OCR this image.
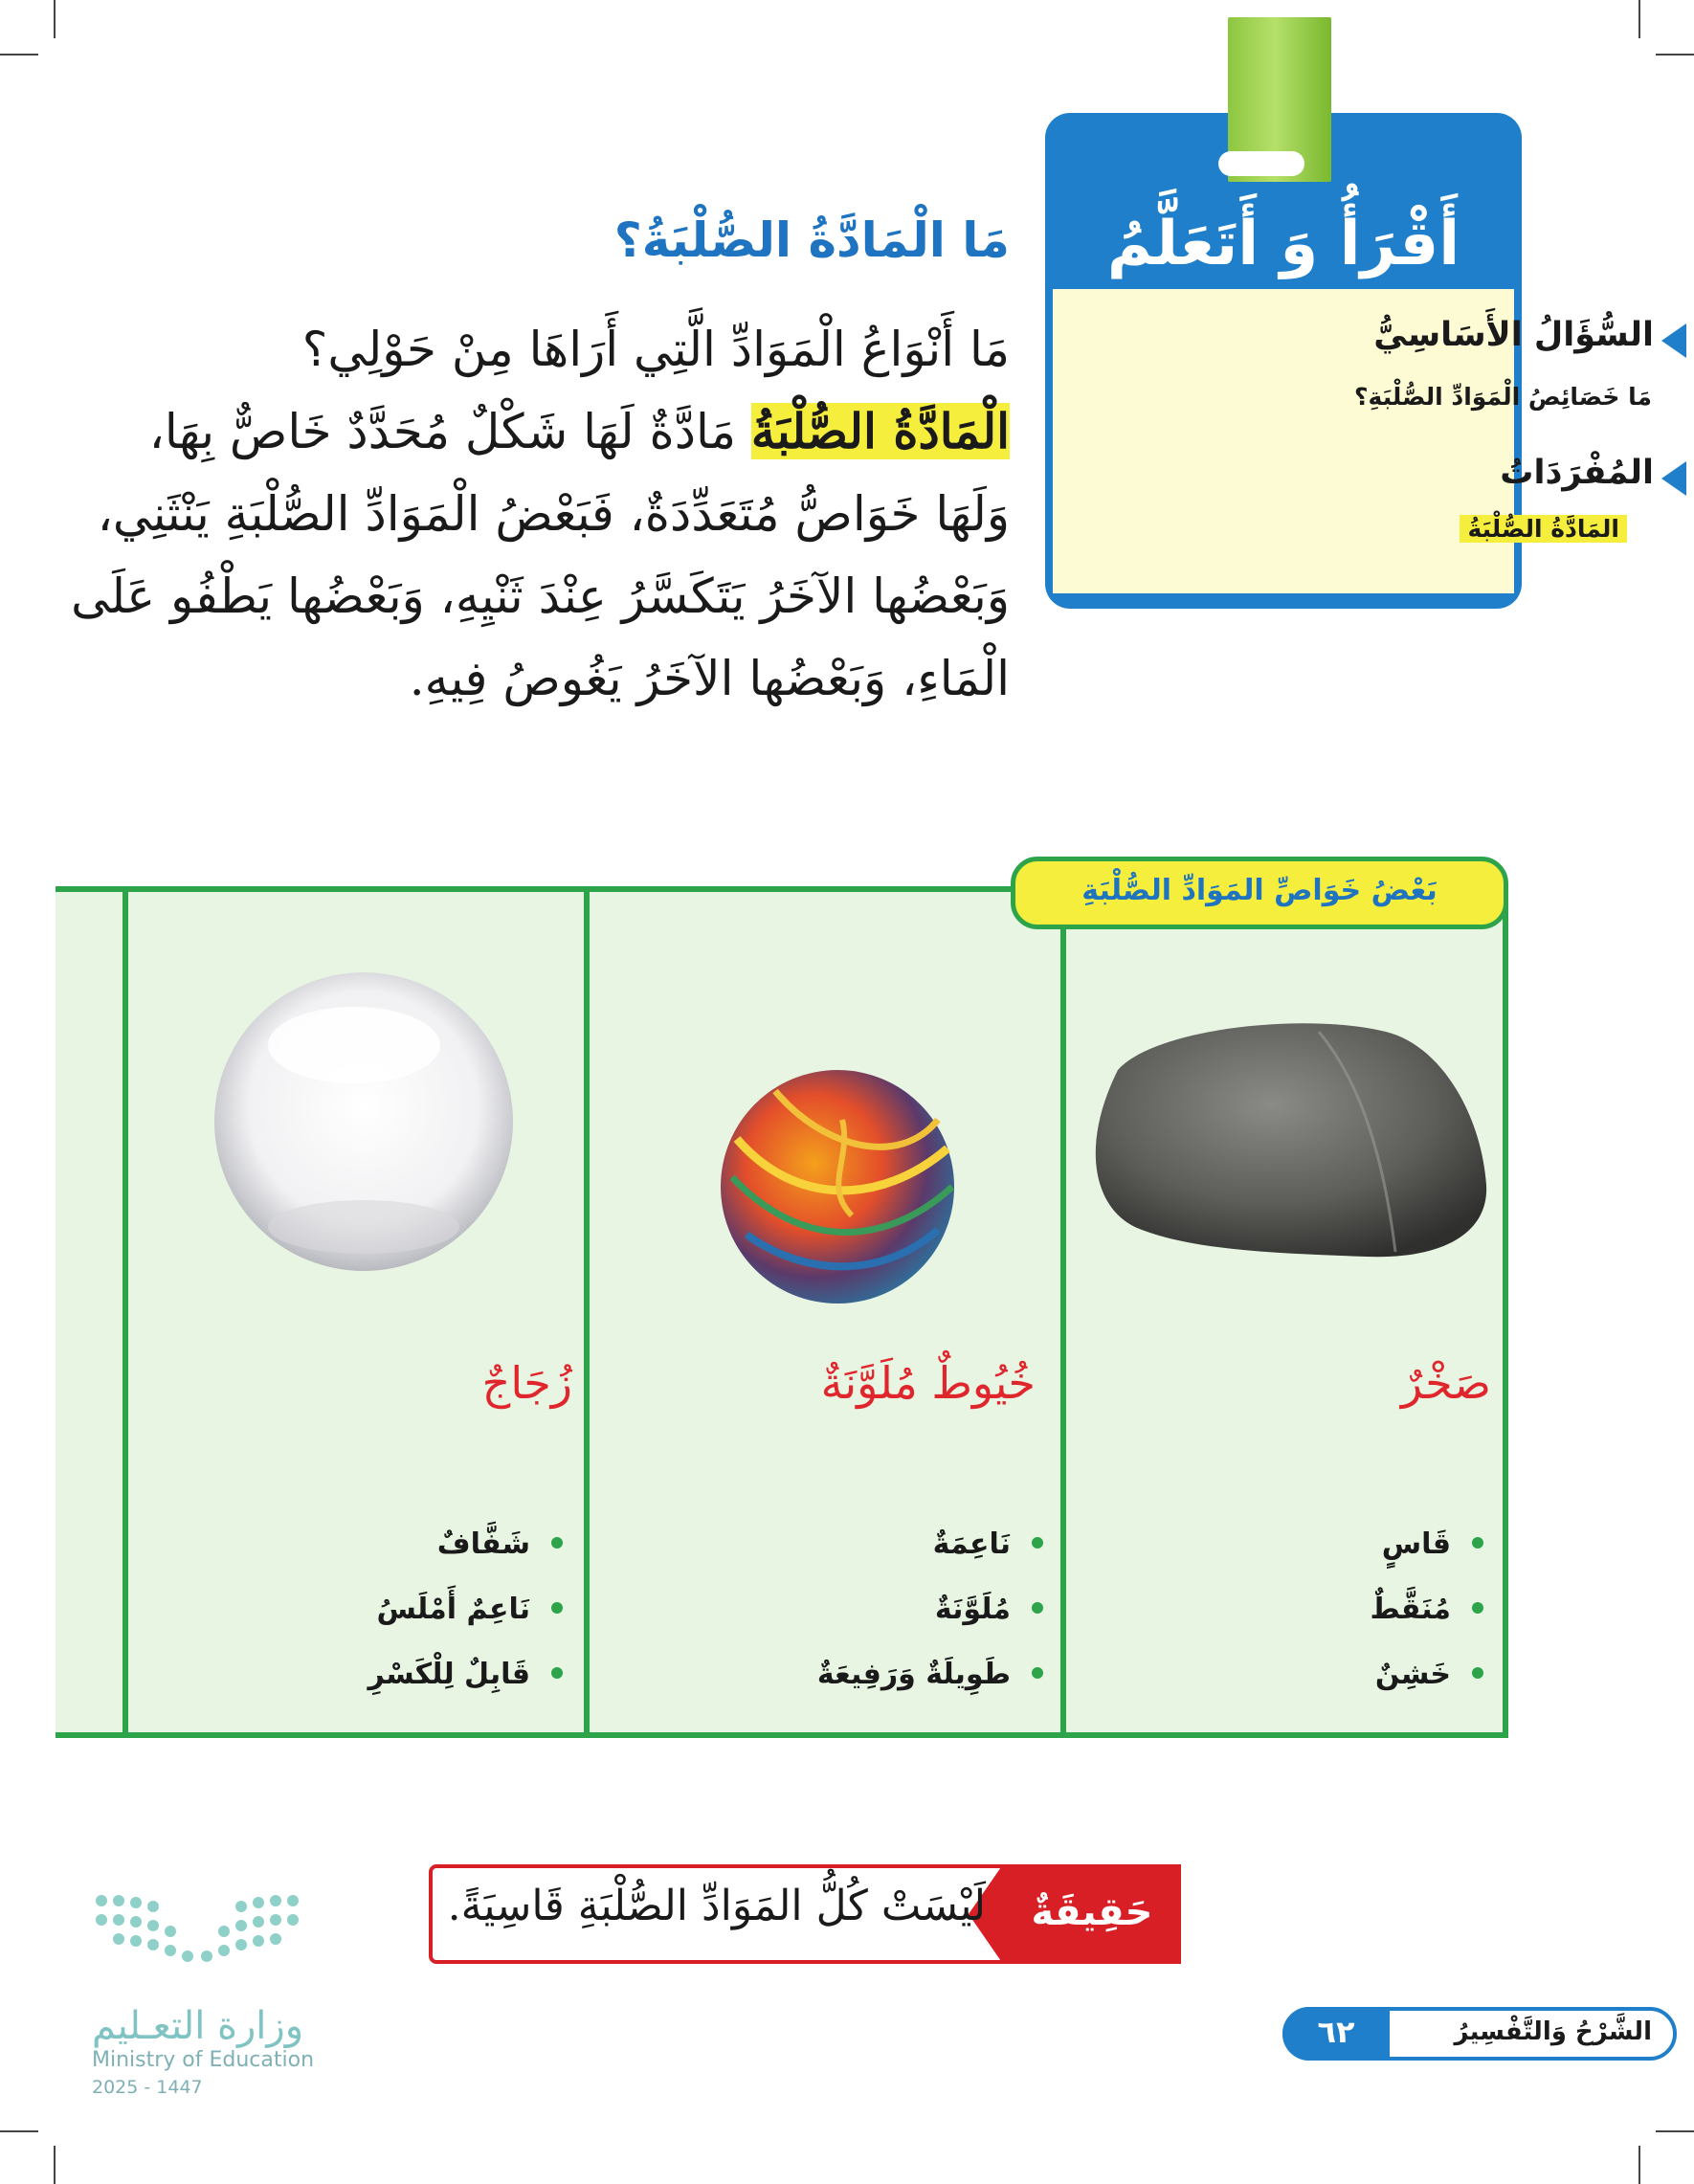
أَقْرَأُ وَ أَتَعَلَّمُ
السُّؤَالُ الأَسَاسِيُّ
مَا خَصَائِصُ الْمَوَادِّ الصُّلْبَةِ؟
المُفْرَدَاتُ
المَادَّةُ الصُّلْبَةُ
مَا الْمَادَّةُ الصُّلْبَةُ؟

مَا أَنْوَاعُ الْمَوَادِّ الَّتِي أَرَاهَا مِنْ حَوْلِي؟

الْمَادَّةُ الصُّلْبَةُ مَادَّةٌ لَهَا شَكْلٌ مُحَدَّدٌ خَاصٌّ بِهَا،

وَلَهَا خَوَاصُّ مُتَعَدِّدَةٌ، فَبَعْضُ الْمَوَادِّ الصُّلْبَةِ يَنْثَنِي،

وَبَعْضُها الآخَرُ يَتَكَسَّرُ عِنْدَ ثَنْيِهِ، وَبَعْضُها يَطْفُو عَلَى

الْمَاءِ، وَبَعْضُها الآخَرُ يَغُوصُ فِيهِ.

بَعْضُ خَوَاصِّ المَوَادِّ الصُّلْبَةِ
صَخْرٌ
قَاسٍ
مُنَقَّطٌ
خَشِنٌ
خُيُوطٌ مُلَوَّنَةٌ
نَاعِمَةٌ
مُلَوَّنَةٌ
طَوِيلَةٌ وَرَفِيعَةٌ
زُجَاجٌ
شَفَّافٌ
نَاعِمٌ أَمْلَسُ
قَابِلٌ لِلْكَسْرِ
حَقِيقَةٌ
لَيْسَتْ كُلُّ المَوَادِّ الصُّلْبَةِ قَاسِيَةً.
وزارة التعـليم
Ministry of Education
2025 - 1447
٦٢	الشَّرْحُ وَالتَّفْسِيرُ
